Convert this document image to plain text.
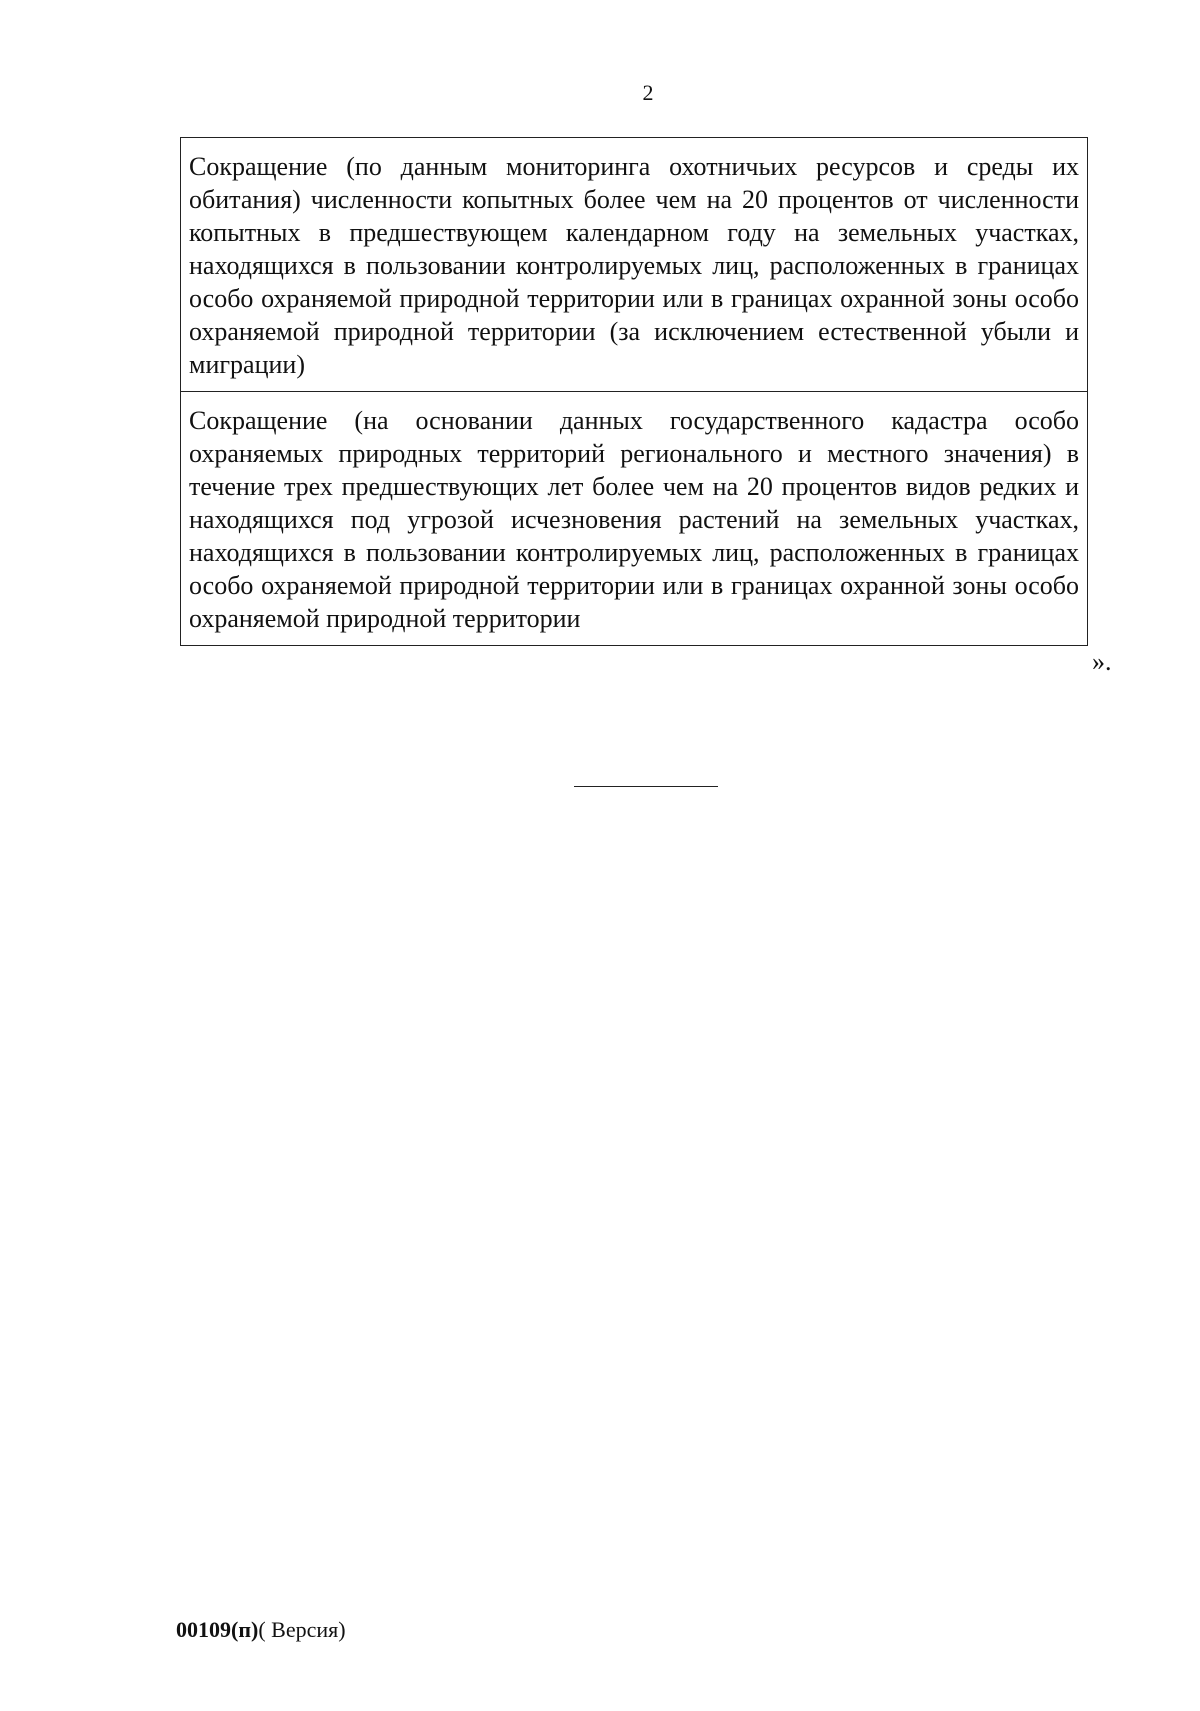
2
Сокращение (по данным мониторинга охотничьих ресурсов и среды их обитания) численности копытных более чем на 20 процентов от численности копытных в предшествующем календарном году на земельных участках, находящихся в пользовании контролируемых лиц, расположенных в границах особо охраняемой природной территории или в границах охранной зоны особо охраняемой природной территории (за исключением естественной убыли и миграции)
Сокращение (на основании данных государственного кадастра особо охраняемых природных территорий регионального и местного значения) в течение трех предшествующих лет более чем на 20 процентов видов редких и находящихся под угрозой исчезновения растений на земельных участках, находящихся в пользовании контролируемых лиц, расположенных в границах особо охраняемой природной территории или в границах охранной зоны особо охраняемой природной территории
».
00109(п)( Версия)
